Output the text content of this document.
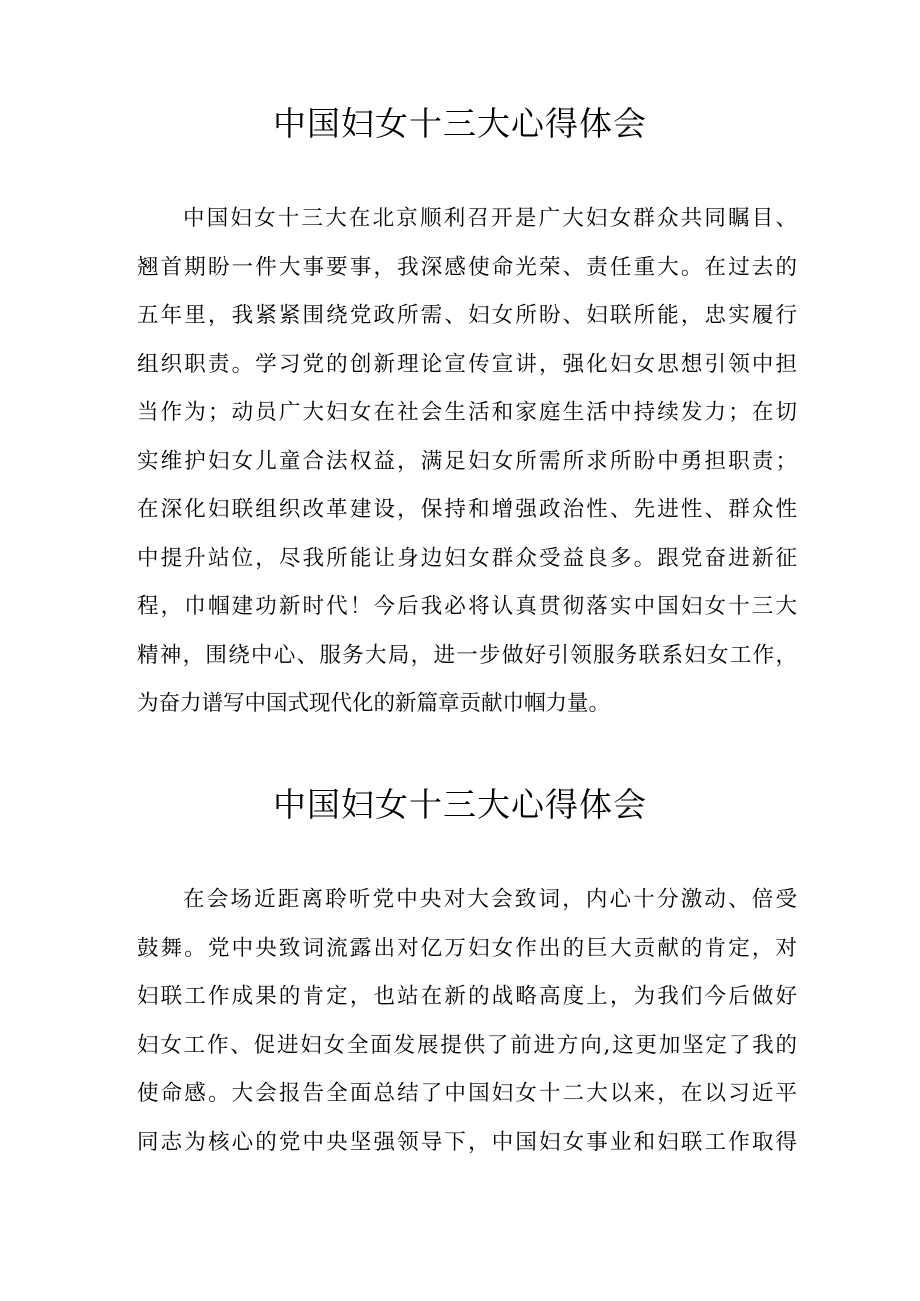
中国妇女十三大心得体会
中国妇女十三大在北京顺利召开是广大妇女群众共同瞩目、
翘首期盼一件大事要事，我深感使命光荣、责任重大。在过去的
五年里，我紧紧围绕党政所需、妇女所盼、妇联所能，忠实履行
组织职责。学习党的创新理论宣传宣讲，强化妇女思想引领中担
当作为；动员广大妇女在社会生活和家庭生活中持续发力；在切
实维护妇女儿童合法权益，满足妇女所需所求所盼中勇担职责；
在深化妇联组织改革建设，保持和增强政治性、先进性、群众性
中提升站位，尽我所能让身边妇女群众受益良多。跟党奋进新征
程，巾帼建功新时代！今后我必将认真贯彻落实中国妇女十三大
精神，围绕中心、服务大局，进一步做好引领服务联系妇女工作，
为奋力谱写中国式现代化的新篇章贡献巾帼力量。
中国妇女十三大心得体会
在会场近距离聆听党中央对大会致词，内心十分激动、倍受
鼓舞。党中央致词流露出对亿万妇女作出的巨大贡献的肯定，对
妇联工作成果的肯定，也站在新的战略高度上，为我们今后做好
妇女工作、促进妇女全面发展提供了前进方向,这更加坚定了我的
使命感。大会报告全面总结了中国妇女十二大以来，在以习近平
同志为核心的党中央坚强领导下，中国妇女事业和妇联工作取得
